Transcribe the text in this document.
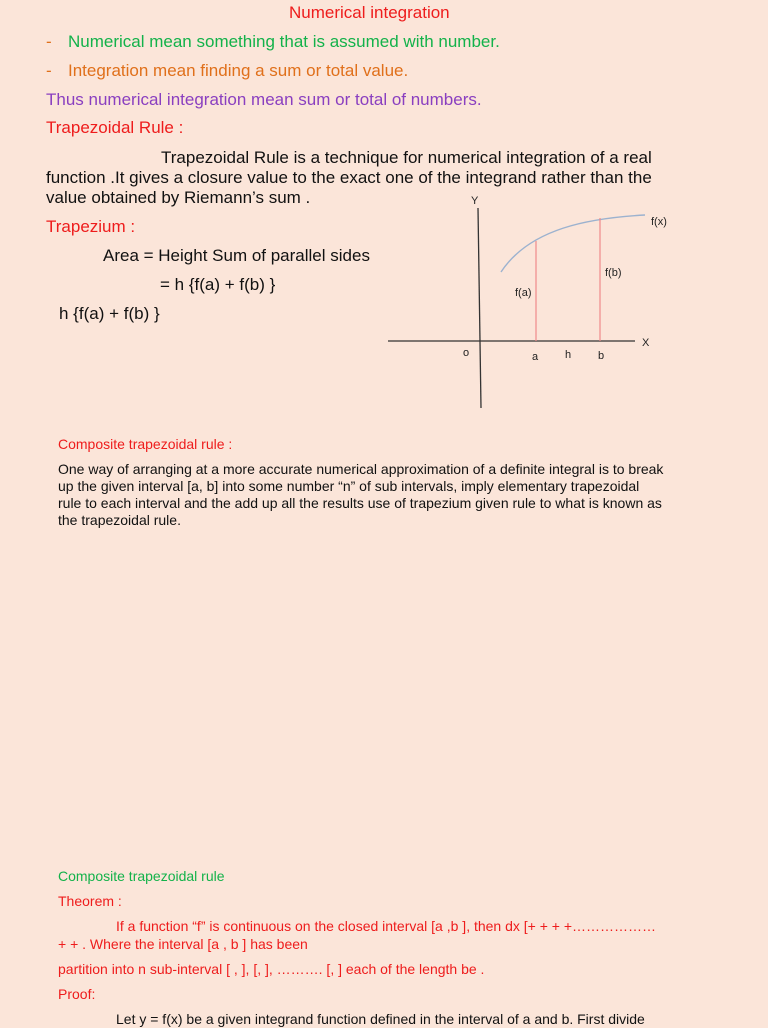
Numerical integration
- Numerical mean something that is assumed with number.
- Integration mean finding a sum or total value.
Thus numerical integration mean sum or total of numbers.
Trapezoidal Rule :
Trapezoidal Rule is a technique for numerical integration of a real
function .It gives a closure value to the exact one of the integrand rather than the
value obtained by Riemann’s sum .
Trapezium :
Area = Height Sum of parallel sides
= h {f(a) + f(b) }
h {f(a) + f(b) }
Y
X
o	a h b
f(a)
f(b)
f(x)
Composite trapezoidal rule :
One way of arranging at a more accurate numerical approximation of a definite integral is to break
up the given interval [a, b] into some number “n” of sub intervals, imply elementary trapezoidal
rule to each interval and the add up all the results use of trapezium given rule to what is known as
the trapezoidal rule.
Composite trapezoidal rule
Theorem :
If a function “f” is continuous on the closed interval [a ,b ], then dx [+ + + +………………
+ + . Where the interval [a , b ] has been
partition into n sub-interval [ , ], [, ], ………. [, ] each of the length be .
Proof:
Let y = f(x) be a given integrand function defined in the interval of a and b. First divide
